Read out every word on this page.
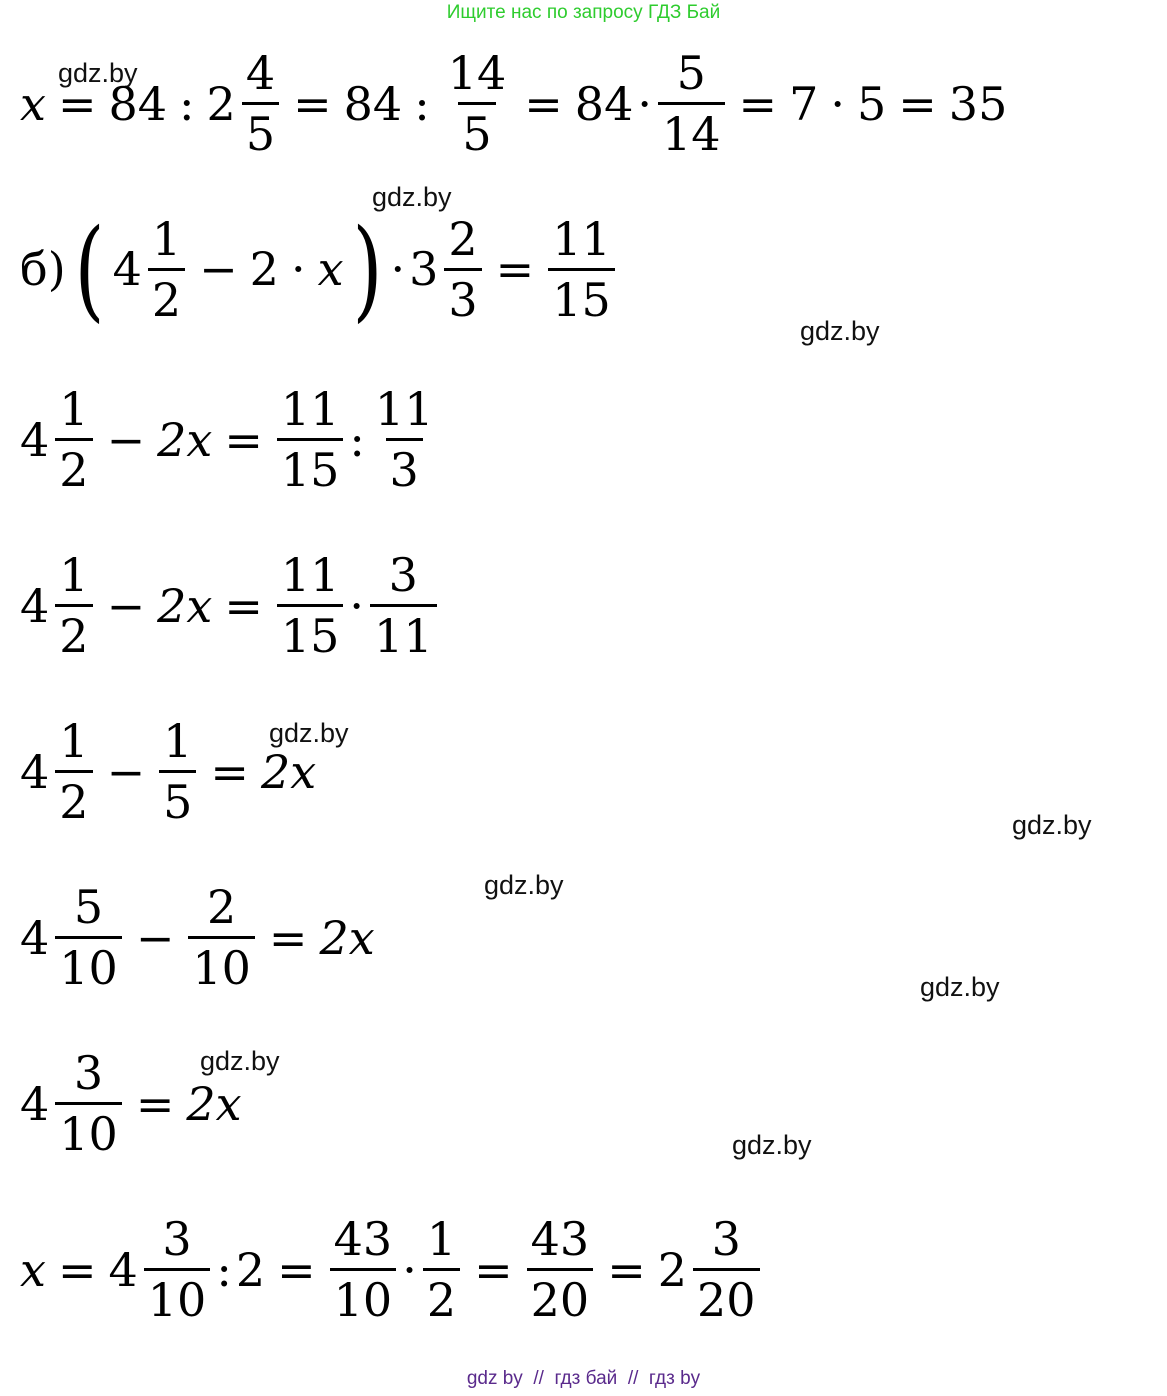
Ищите нас по запросу ГДЗ Бай
gdz.by
gdz.by
gdz.by
gdz.by
gdz.by
gdz.by
gdz.by
gdz.by
gdz.by
x = 84 : $2 \frac{4}{5} = 84$ : $\frac{14}{5} = 84 \cdot \frac{5}{14} = 7 \cdot 5 = 35$
б) ( $4 \frac{1}{2} - 2 \cdot x$ ) · $3 \frac{2}{3} = \frac{11}{15}$
$4 \frac{1}{2} - 2x = \frac{11}{15}$ : $\frac{11}{3}$
$4 \frac{1}{2} - 2x = \frac{11}{15} \cdot \frac{3}{11}$
$4 \frac{1}{2} - \frac{1}{5} = 2x$
$4 \frac{5}{10} - \frac{2}{10} = 2x$
$4 \frac{3}{10} = 2x$
$x = 4 \frac{3}{10}$ : $2 = \frac{43}{10} \cdot \frac{1}{2} = \frac{43}{20} = 2 \frac{3}{20}$
gdz by  //  гдз бай  //  гдз by
